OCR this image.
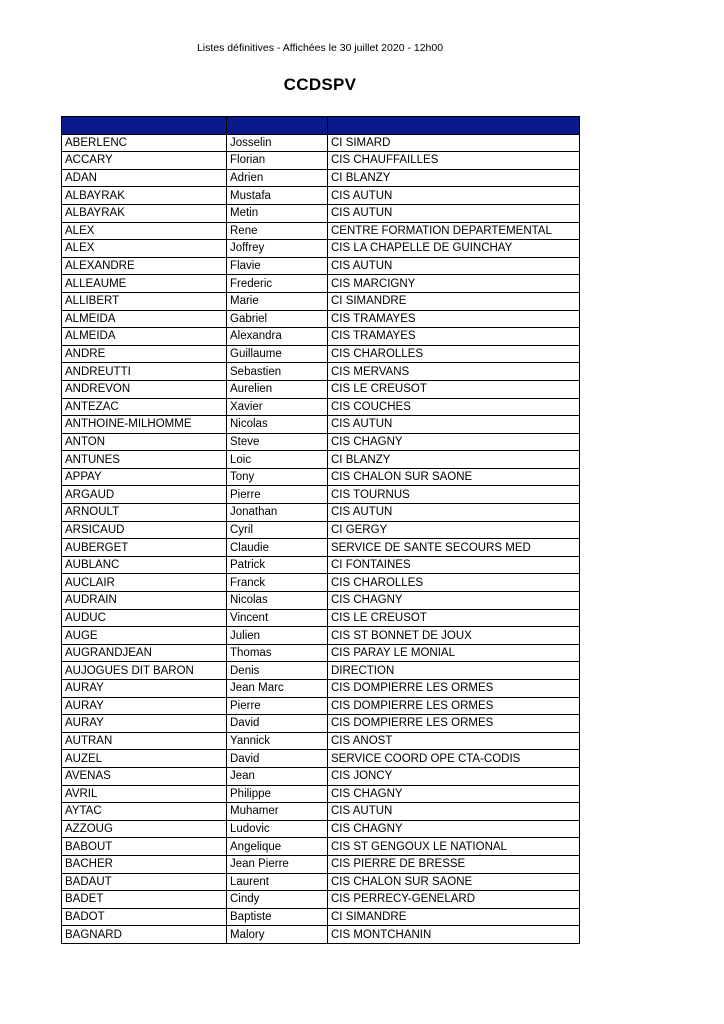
Listes définitives - Affichées le 30 juillet 2020 - 12h00
CCDSPV
Nom usuel	Prénom	Service affectation
ABERLENC	Josselin	CI SIMARD
ACCARY	Florian	CIS CHAUFFAILLES
ADAN	Adrien	CI BLANZY
ALBAYRAK	Mustafa	CIS AUTUN
ALBAYRAK	Metin	CIS AUTUN
ALEX	Rene	CENTRE FORMATION DEPARTEMENTAL
ALEX	Joffrey	CIS LA CHAPELLE DE GUINCHAY
ALEXANDRE	Flavie	CIS AUTUN
ALLEAUME	Frederic	CIS MARCIGNY
ALLIBERT	Marie	CI SIMANDRE
ALMEIDA	Gabriel	CIS TRAMAYES
ALMEIDA	Alexandra	CIS TRAMAYES
ANDRE	Guillaume	CIS CHAROLLES
ANDREUTTI	Sebastien	CIS MERVANS
ANDREVON	Aurelien	CIS LE CREUSOT
ANTEZAC	Xavier	CIS COUCHES
ANTHOINE-MILHOMME	Nicolas	CIS AUTUN
ANTON	Steve	CIS CHAGNY
ANTUNES	Loic	CI BLANZY
APPAY	Tony	CIS CHALON SUR SAONE
ARGAUD	Pierre	CIS TOURNUS
ARNOULT	Jonathan	CIS AUTUN
ARSICAUD	Cyril	CI GERGY
AUBERGET	Claudie	SERVICE DE SANTE SECOURS MED
AUBLANC	Patrick	CI FONTAINES
AUCLAIR	Franck	CIS CHAROLLES
AUDRAIN	Nicolas	CIS CHAGNY
AUDUC	Vincent	CIS LE CREUSOT
AUGE	Julien	CIS ST BONNET DE JOUX
AUGRANDJEAN	Thomas	CIS PARAY LE MONIAL
AUJOGUES DIT BARON	Denis	DIRECTION
AURAY	Jean Marc	CIS DOMPIERRE LES ORMES
AURAY	Pierre	CIS DOMPIERRE LES ORMES
AURAY	David	CIS DOMPIERRE LES ORMES
AUTRAN	Yannick	CIS ANOST
AUZEL	David	SERVICE COORD OPE CTA-CODIS
AVENAS	Jean	CIS JONCY
AVRIL	Philippe	CIS CHAGNY
AYTAC	Muhamer	CIS AUTUN
AZZOUG	Ludovic	CIS CHAGNY
BABOUT	Angelique	CIS ST GENGOUX LE NATIONAL
BACHER	Jean Pierre	CIS PIERRE DE BRESSE
BADAUT	Laurent	CIS CHALON SUR SAONE
BADET	Cindy	CIS PERRECY-GENELARD
BADOT	Baptiste	CI SIMANDRE
BAGNARD	Malory	CIS MONTCHANIN
